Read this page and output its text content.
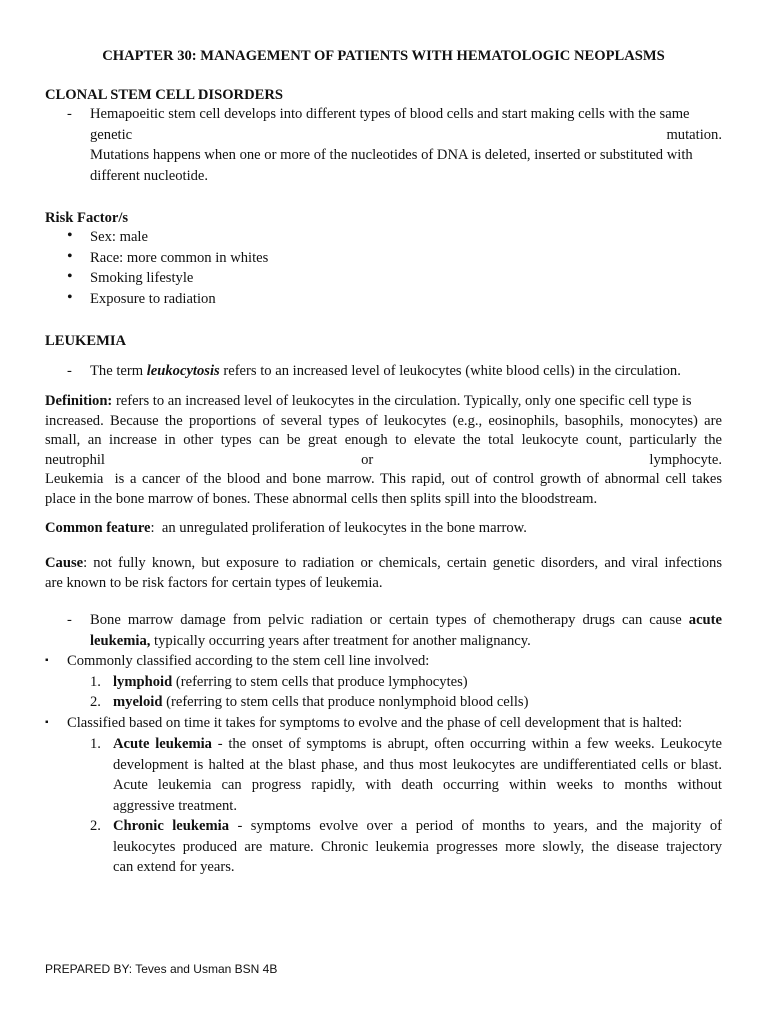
CHAPTER 30: MANAGEMENT OF PATIENTS WITH HEMATOLOGIC NEOPLASMS
CLONAL STEM CELL DISORDERS
- Hemapoeitic stem cell develops into different types of blood cells and start making cells with the same
genetic	mutation.
Mutations happens when one or more of the nucleotides of DNA is deleted, inserted or substituted with
different nucleotide.
Risk Factor/s
• Sex: male
• Race: more common in whites
• Smoking lifestyle
• Exposure to radiation
LEUKEMIA
- The term leukocytosis refers to an increased level of leukocytes (white blood cells) in the circulation.
Definition: refers to an increased level of leukocytes in the circulation. Typically, only one specific cell type is
increased. Because the proportions of several types of leukocytes (e.g., eosinophils, basophils, monocytes) are
small, an increase in other types can be great enough to elevate the total leukocyte count, particularly the
neutrophil	or	lymphocyte.
Leukemia  is a cancer of the blood and bone marrow. This rapid, out of control growth of abnormal cell takes
place in the bone marrow of bones. These abnormal cells then splits spill into the bloodstream.
Common feature:  an unregulated proliferation of leukocytes in the bone marrow.
Cause: not fully known, but exposure to radiation or chemicals, certain genetic disorders, and viral infections
are known to be risk factors for certain types of leukemia.
- Bone marrow damage from pelvic radiation or certain types of chemotherapy drugs can cause acute
leukemia, typically occurring years after treatment for another malignancy.
▪ Commonly classified according to the stem cell line involved:
1. lymphoid (referring to stem cells that produce lymphocytes)
2. myeloid (referring to stem cells that produce nonlymphoid blood cells)
▪ Classified based on time it takes for symptoms to evolve and the phase of cell development that is halted:
1. Acute leukemia - the onset of symptoms is abrupt, often occurring within a few weeks. Leukocyte
development is halted at the blast phase, and thus most leukocytes are undifferentiated cells or blast.
Acute leukemia can progress rapidly, with death occurring within weeks to months without
aggressive treatment.
2. Chronic leukemia - symptoms evolve over a period of months to years, and the majority of
leukocytes produced are mature. Chronic leukemia progresses more slowly, the disease trajectory
can extend for years.
PREPARED BY: Teves and Usman BSN 4B
